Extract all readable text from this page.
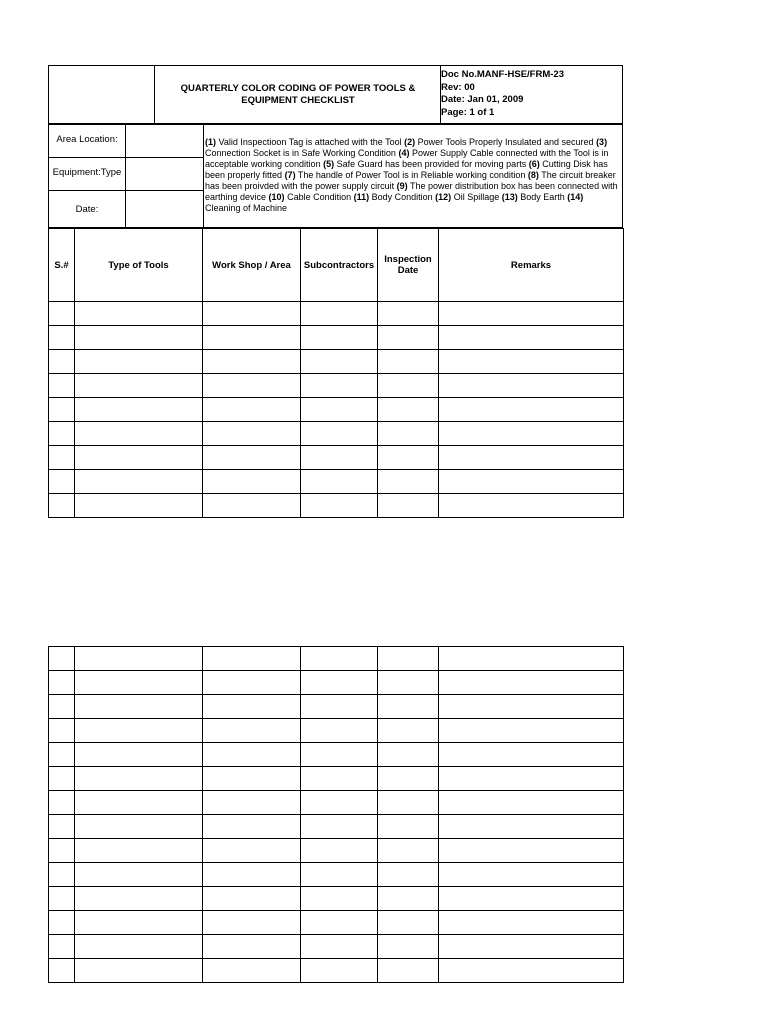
QUARTERLY COLOR CODING OF POWER TOOLS & EQUIPMENT CHECKLIST
Doc No.MANF-HSE/FRM-23
Rev: 00
Date: Jan 01, 2009
Page: 1 of 1
Area Location:
Equipment:Type
Date:
(1) Valid Inspectioon Tag is attached with the Tool (2) Power Tools Properly Insulated and secured (3) Connection Socket is in Safe Working Condition (4) Power Supply Cable connected with the Tool is in acceptable working condition (5) Safe Guard has been provided for moving parts (6) Cutting Disk has been properly fitted (7) The handle of Power Tool is in Reliable working condition (8) The circuit breaker has been proivded with the power supply circuit (9) The power distribution box has been connected with earthing device (10) Cable Condition (11) Body Condition (12) Oil Spillage (13) Body Earth (14) Cleaning of Machine
S.#	Type of Tools	Work Shop / Area	Subcontractors	Inspection Date	Remarks
